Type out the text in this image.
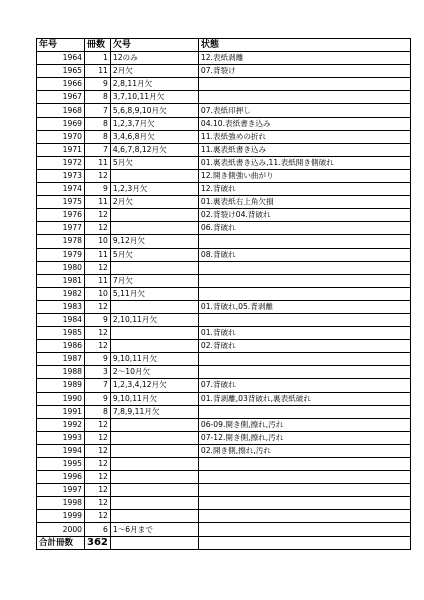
年号	冊数	欠号	状態
1964	1	12のみ	12.表紙剥離
1965	11	2月欠	07.背裂け
1966	9	2,8,11月欠	
1967	8	3,7,10,11月欠	
1968	7	5,6,8,9,10月欠	07.表紙印押し
1969	8	1,2,3,7月欠	04.10.表紙書き込み
1970	8	3,4,6,8月欠	11.表紙強めの折れ
1971	7	4,6,7,8,12月欠	11.裏表紙書き込み
1972	11	5月欠	01.裏表紙書き込み,11.表紙開き側破れ
1973	12		12.開き側強い曲がり
1974	9	1,2,3月欠	12.背破れ
1975	11	2月欠	01.裏表紙右上角欠損
1976	12		02.背裂け04.背破れ
1977	12		06.背破れ
1978	10	9,12月欠	
1979	11	5月欠	08.背破れ
1980	12		
1981	11	7月欠	
1982	10	5,11月欠	
1983	12		01.背破れ,05.背剥離
1984	9	2,10,11月欠	
1985	12		01.背破れ
1986	12		02.背破れ
1987	9	9,10,11月欠	
1988	3	2～10月欠	
1989	7	1,2,3,4,12月欠	07.背破れ
1990	9	9,10,11月欠	01.背剥離,03背破れ,裏表紙破れ
1991	8	7,8,9,11月欠	
1992	12		06-09.開き側,擦れ,汚れ
1993	12		07-12.開き側,擦れ,汚れ
1994	12		02.開き側,擦れ,汚れ
1995	12		
1996	12		
1997	12		
1998	12		
1999	12		
2000	6	1～6月まで	
合計冊数	362		
